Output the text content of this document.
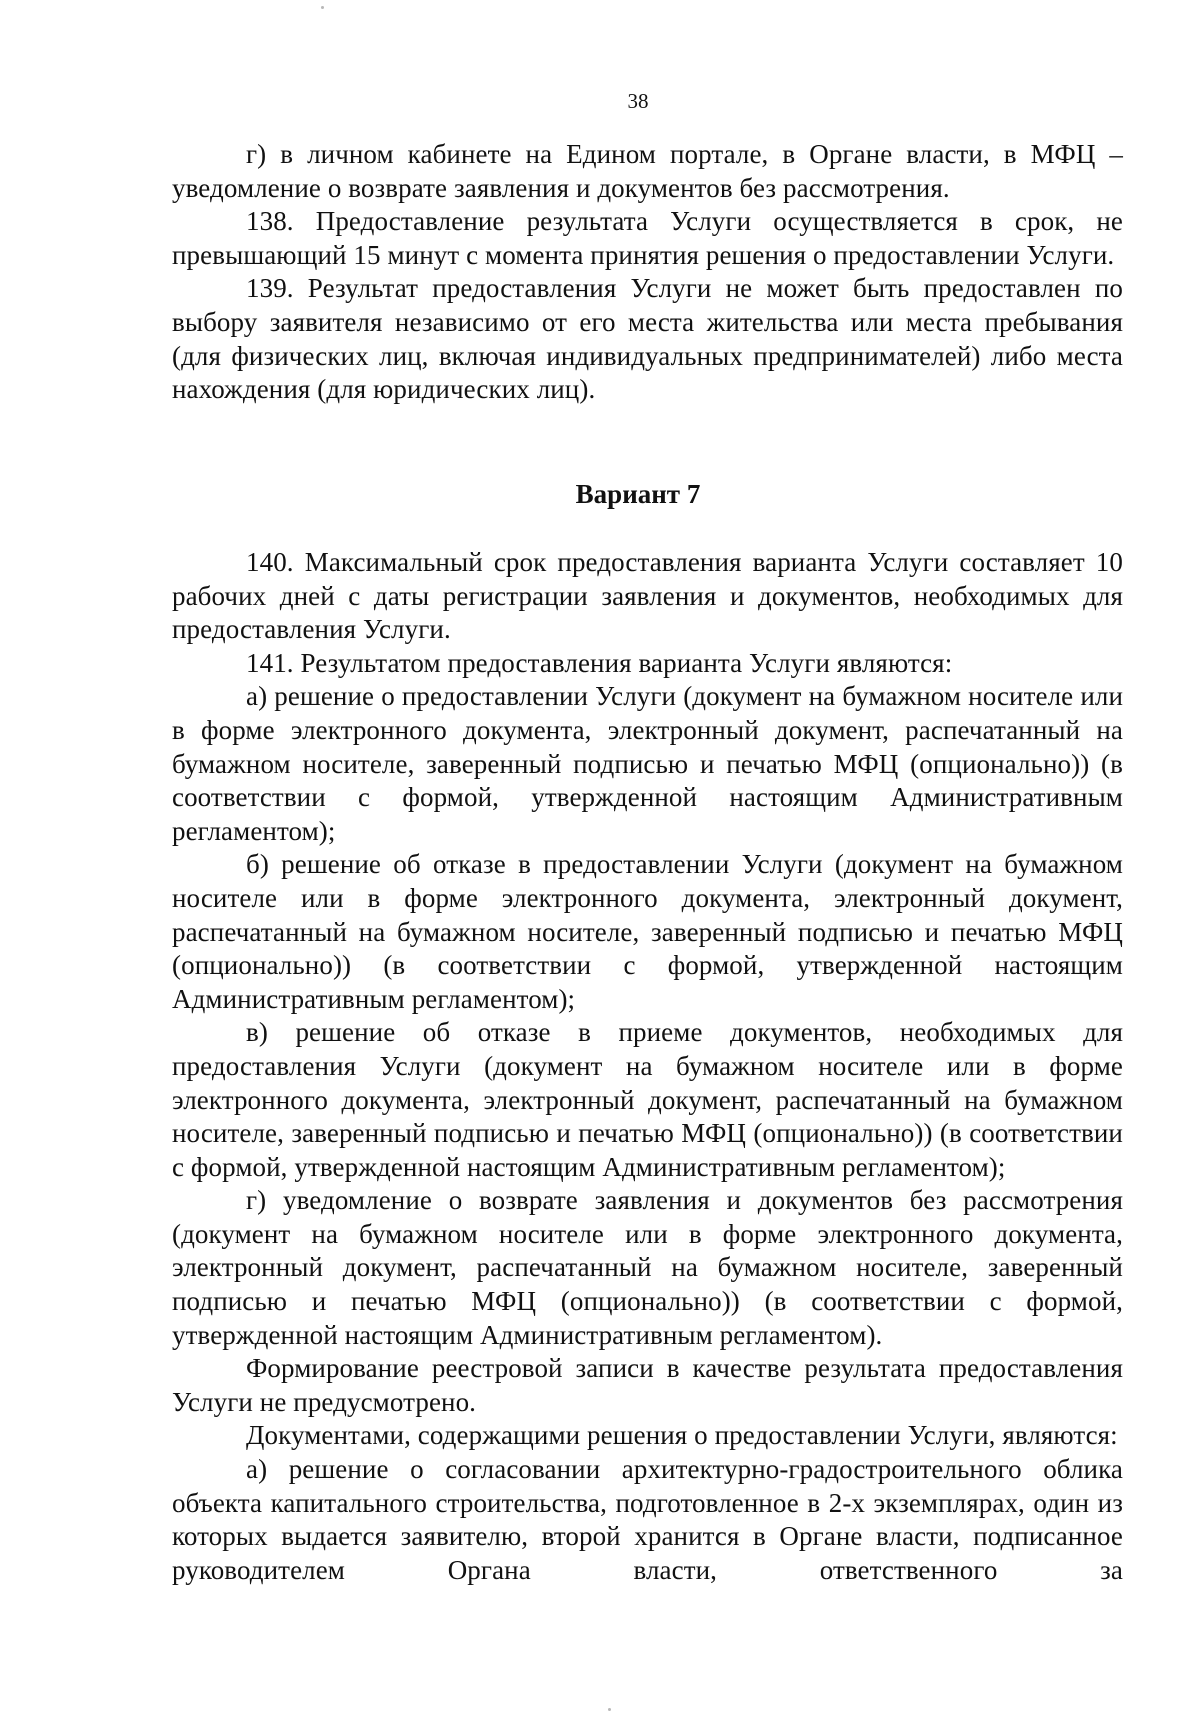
38

г) в личном кабинете на Едином портале, в Органе власти, в МФЦ – уведомление о возврате заявления и документов без рассмотрения.

138. Предоставление результата Услуги осуществляется в срок, не превышающий 15 минут с момента принятия решения о предоставлении Услуги.

139. Результат предоставления Услуги не может быть предоставлен по выбору заявителя независимо от его места жительства или места пребывания (для физических лиц, включая индивидуальных предпринимателей) либо места нахождения (для юридических лиц).

Вариант 7

140. Максимальный срок предоставления варианта Услуги составляет 10 рабочих дней с даты регистрации заявления и документов, необходимых для предоставления Услуги.

141. Результатом предоставления варианта Услуги являются:

а) решение о предоставлении Услуги (документ на бумажном носителе или в форме электронного документа, электронный документ, распечатанный на бумажном носителе, заверенный подписью и печатью МФЦ (опционально)) (в соответствии с формой, утвержденной настоящим Административным регламентом);

б) решение об отказе в предоставлении Услуги (документ на бумажном носителе или в форме электронного документа, электронный документ, распечатанный на бумажном носителе, заверенный подписью и печатью МФЦ (опционально)) (в соответствии с формой, утвержденной настоящим Административным регламентом);

в) решение об отказе в приеме документов, необходимых для предоставления Услуги (документ на бумажном носителе или в форме электронного документа, электронный документ, распечатанный на бумажном носителе, заверенный подписью и печатью МФЦ (опционально)) (в соответствии с формой, утвержденной настоящим Административным регламентом);

г) уведомление о возврате заявления и документов без рассмотрения (документ на бумажном носителе или в форме электронного документа, электронный документ, распечатанный на бумажном носителе, заверенный подписью и печатью МФЦ (опционально)) (в соответствии с формой, утвержденной настоящим Административным регламентом).

Формирование реестровой записи в качестве результата предоставления Услуги не предусмотрено.

Документами, содержащими решения о предоставлении Услуги, являются:

а) решение о согласовании архитектурно-градостроительного облика объекта капитального строительства, подготовленное в 2-х экземплярах, один из которых выдается заявителю, второй хранится в Органе власти, подписанное руководителем Органа власти, ответственного за
